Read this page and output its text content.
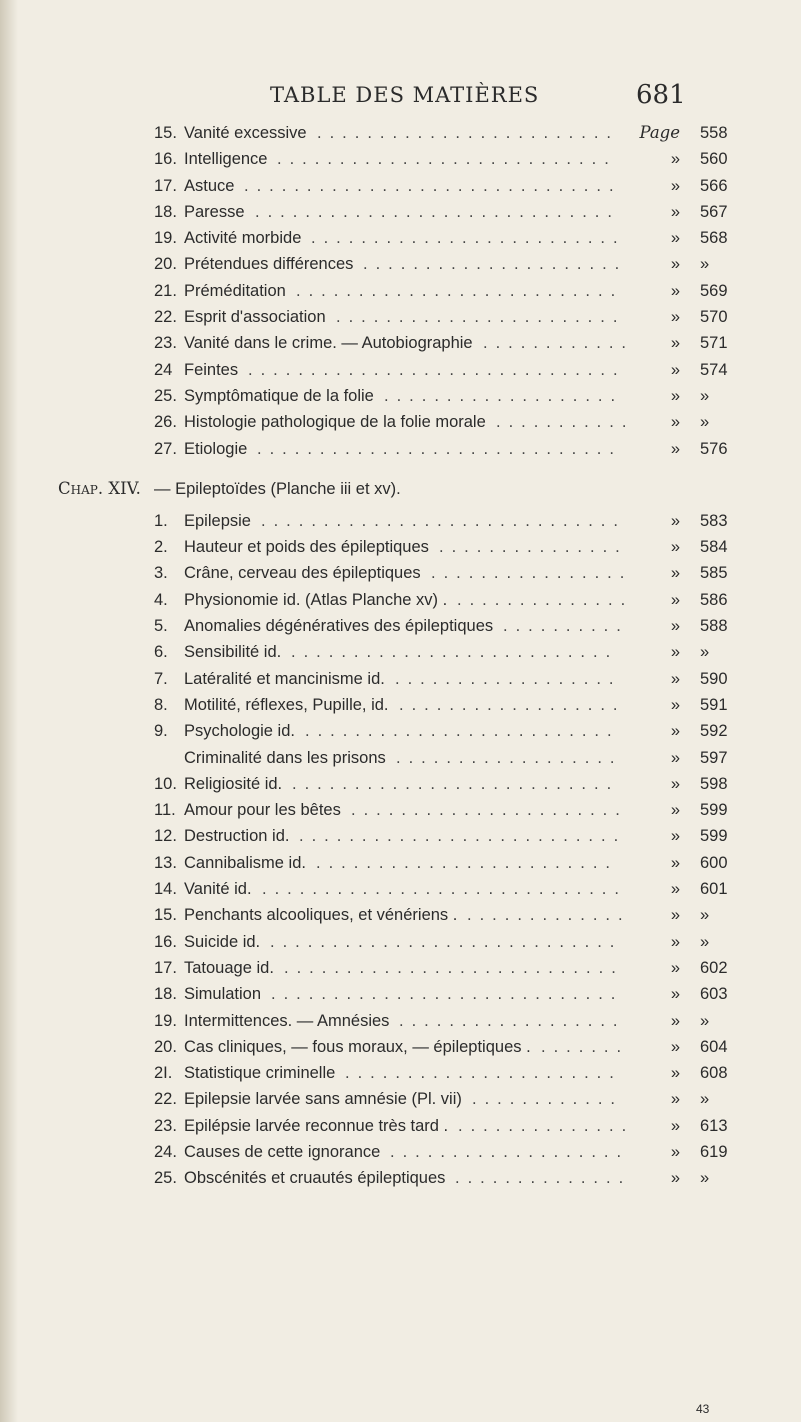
TABLE DES MATIÈRES	681
15. Vanité excessive ........................	Page 558
16. Intelligence ...........................	» 560
17. Astuce ..............................	» 566
18. Paresse .............................	» 567
19. Activité morbide .........................	» 568
20. Prétendues différences .....................	» »
21. Préméditation ..........................	» 569
22. Esprit d'association .......................	» 570
23. Vanité dans le crime. — Autobiographie ............	» 571
24 Feintes ..............................	» 574
25. Symptômatique de la folie ...................	» »
26. Histologie pathologique de la folie morale ...........	» »
27. Etiologie .............................	» 576
Chap. XIV. — Epileptoïdes (Planche iii et xv).
1. Epilepsie .............................	» 583
2. Hauteur et poids des épileptiques ...............	» 584
3. Crâne, cerveau des épileptiques ................	» 585
4. Physionomie id. (Atlas Planche xv) . ..............	» 586
5. Anomalies dégénératives des épileptiques ..........	» 588
6. Sensibilité id. ..........................	» »
7. Latéralité et mancinisme id. ..................	» 590
8. Motilité, réflexes, Pupille, id. ..................	» 591
9. Psychologie id. .........................	» 592
Criminalité dans les prisons ..................	» 597
10. Religiosité id. ..........................	» 598
11. Amour pour les bêtes ......................	» 599
12. Destruction id. ..........................	» 599
13. Cannibalisme id. ........................	» 600
14. Vanité id. .............................	» 601
15. Penchants alcooliques, et vénériens . .............	» »
16. Suicide id. ............................	» »
17. Tatouage id. ...........................	» 602
18. Simulation ............................	» 603
19. Intermittences. — Amnésies ..................	» »
20. Cas cliniques, — fous moraux, — épileptiques . .......	» 604
2I. Statistique criminelle ......................	» 608
22. Epilepsie larvée sans amnésie (Pl. vii) ............	» »
23. Epilépsie larvée reconnue très tard . ..............	» 613
24. Causes de cette ignorance ...................	» 619
25. Obscénités et cruautés épileptiques ..............	» »
43
